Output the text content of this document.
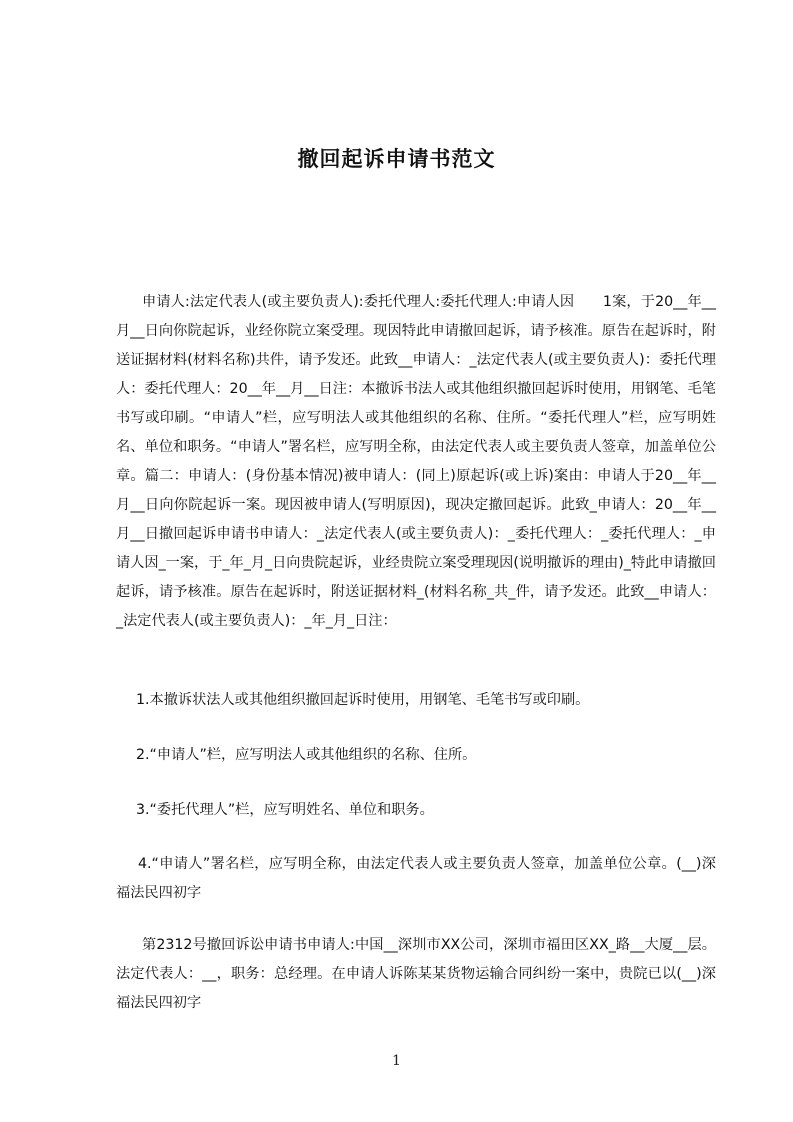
撤回起诉申请书范文
申请人:法定代表人(或主要负责人):委托代理人:委托代理人:申请人因　　1案，于20__年__月__日向你院起诉，业经你院立案受理。现因特此申请撤回起诉，请予核准。原告在起诉时，附送证据材料(材料名称)共件，请予发还。此致__申请人：_法定代表人(或主要负责人)：委托代理人：委托代理人：20__年__月__日注：本撤诉书法人或其他组织撤回起诉时使用，用钢笔、毛笔书写或印刷。“申请人”栏，应写明法人或其他组织的名称、住所。“委托代理人”栏，应写明姓名、单位和职务。“申请人”署名栏，应写明全称，由法定代表人或主要负责人签章，加盖单位公章。篇二：申请人：(身份基本情况)被申请人：(同上)原起诉(或上诉)案由：申请人于20__年__月__日向你院起诉一案。现因被申请人(写明原因)，现决定撤回起诉。此致_申请人：20__年__月__日撤回起诉申请书申请人：_法定代表人(或主要负责人)：_委托代理人：_委托代理人：_申请人因_一案，于_年_月_日向贵院起诉，业经贵院立案受理现因(说明撤诉的理由)_特此申请撤回起诉，请予核准。原告在起诉时，附送证据材料_(材料名称_共_件，请予发还。此致__申请人：_法定代表人(或主要负责人)：_年_月_日注：
1.本撤诉状法人或其他组织撤回起诉时使用，用钢笔、毛笔书写或印刷。
2.“申请人”栏，应写明法人或其他组织的名称、住所。
3.“委托代理人”栏，应写明姓名、单位和职务。
4.“申请人”署名栏，应写明全称，由法定代表人或主要负责人签章，加盖单位公章。(__)深福法民四初字
第2312号撤回诉讼申请书申请人:中国__深圳市XX公司，深圳市福田区XX_路__大厦__层。法定代表人：__，职务：总经理。在申请人诉陈某某货物运输合同纠纷一案中，贵院已以(__)深福法民四初字
1
